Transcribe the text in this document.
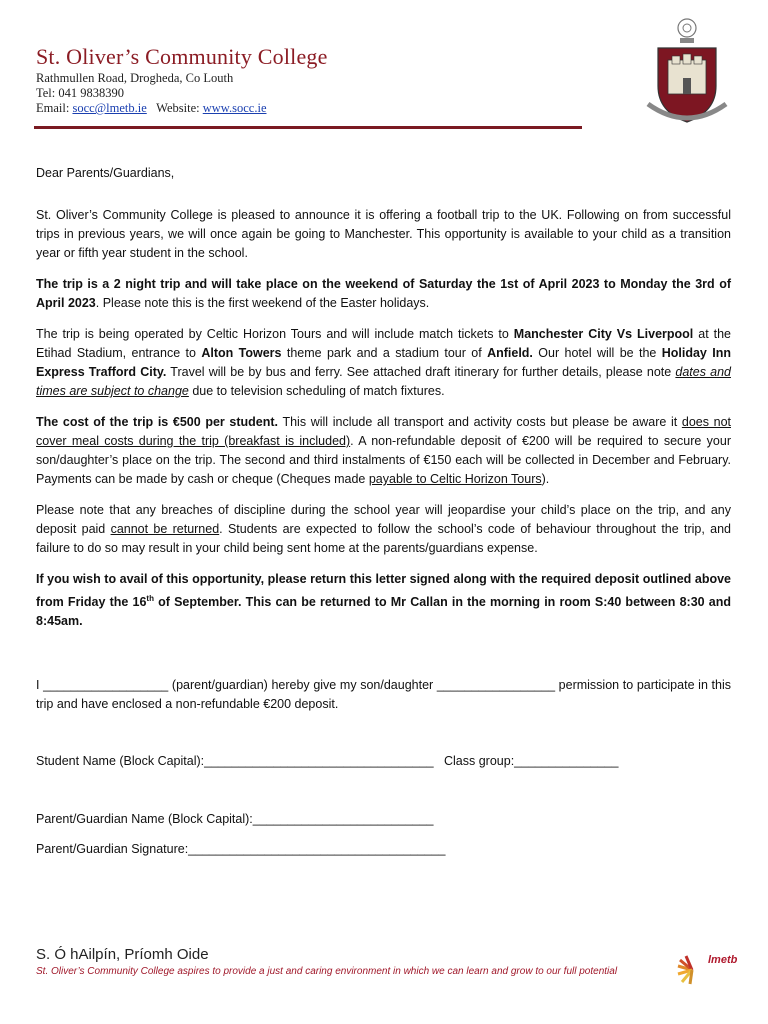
St. Oliver’s Community College
Rathmullen Road, Drogheda, Co Louth
Tel: 041 9838390
Email: socc@lmetb.ie Website: www.socc.ie

Dear Parents/Guardians,

St. Oliver’s Community College is pleased to announce it is offering a football trip to the UK. Following on from successful trips in previous years, we will once again be going to Manchester. This opportunity is available to your child as a transition year or fifth year student in the school.

The trip is a 2 night trip and will take place on the weekend of Saturday the 1st of April 2023 to Monday the 3rd of April 2023. Please note this is the first weekend of the Easter holidays.

The trip is being operated by Celtic Horizon Tours and will include match tickets to Manchester City Vs Liverpool at the Etihad Stadium, entrance to Alton Towers theme park and a stadium tour of Anfield. Our hotel will be the Holiday Inn Express Trafford City. Travel will be by bus and ferry. See attached draft itinerary for further details, please note dates and times are subject to change due to television scheduling of match fixtures.

The cost of the trip is €500 per student. This will include all transport and activity costs but please be aware it does not cover meal costs during the trip (breakfast is included). A non-refundable deposit of €200 will be required to secure your son/daughter’s place on the trip. The second and third instalments of €150 each will be collected in December and February. Payments can be made by cash or cheque (Cheques made payable to Celtic Horizon Tours).

Please note that any breaches of discipline during the school year will jeopardise your child’s place on the trip, and any deposit paid cannot be returned. Students are expected to follow the school’s code of behaviour throughout the trip, and failure to do so may result in your child being sent home at the parents/guardians expense.

If you wish to avail of this opportunity, please return this letter signed along with the required deposit outlined above from Friday the 16th of September. This can be returned to Mr Callan in the morning in room S:40 between 8:30 and 8:45am.

I __________________ (parent/guardian) hereby give my son/daughter _________________ permission to participate in this trip and have enclosed a non-refundable €200 deposit.
Student Name (Block Capital):_________________________________ Class group:_______________
Parent/Guardian Name (Block Capital):__________________________
Parent/Guardian Signature:_____________________________________
S. Ó hAilpín, Príomh Oide
St. Oliver’s Community College aspires to provide a just and caring environment in which we can learn and grow to our full potential
lmetb
